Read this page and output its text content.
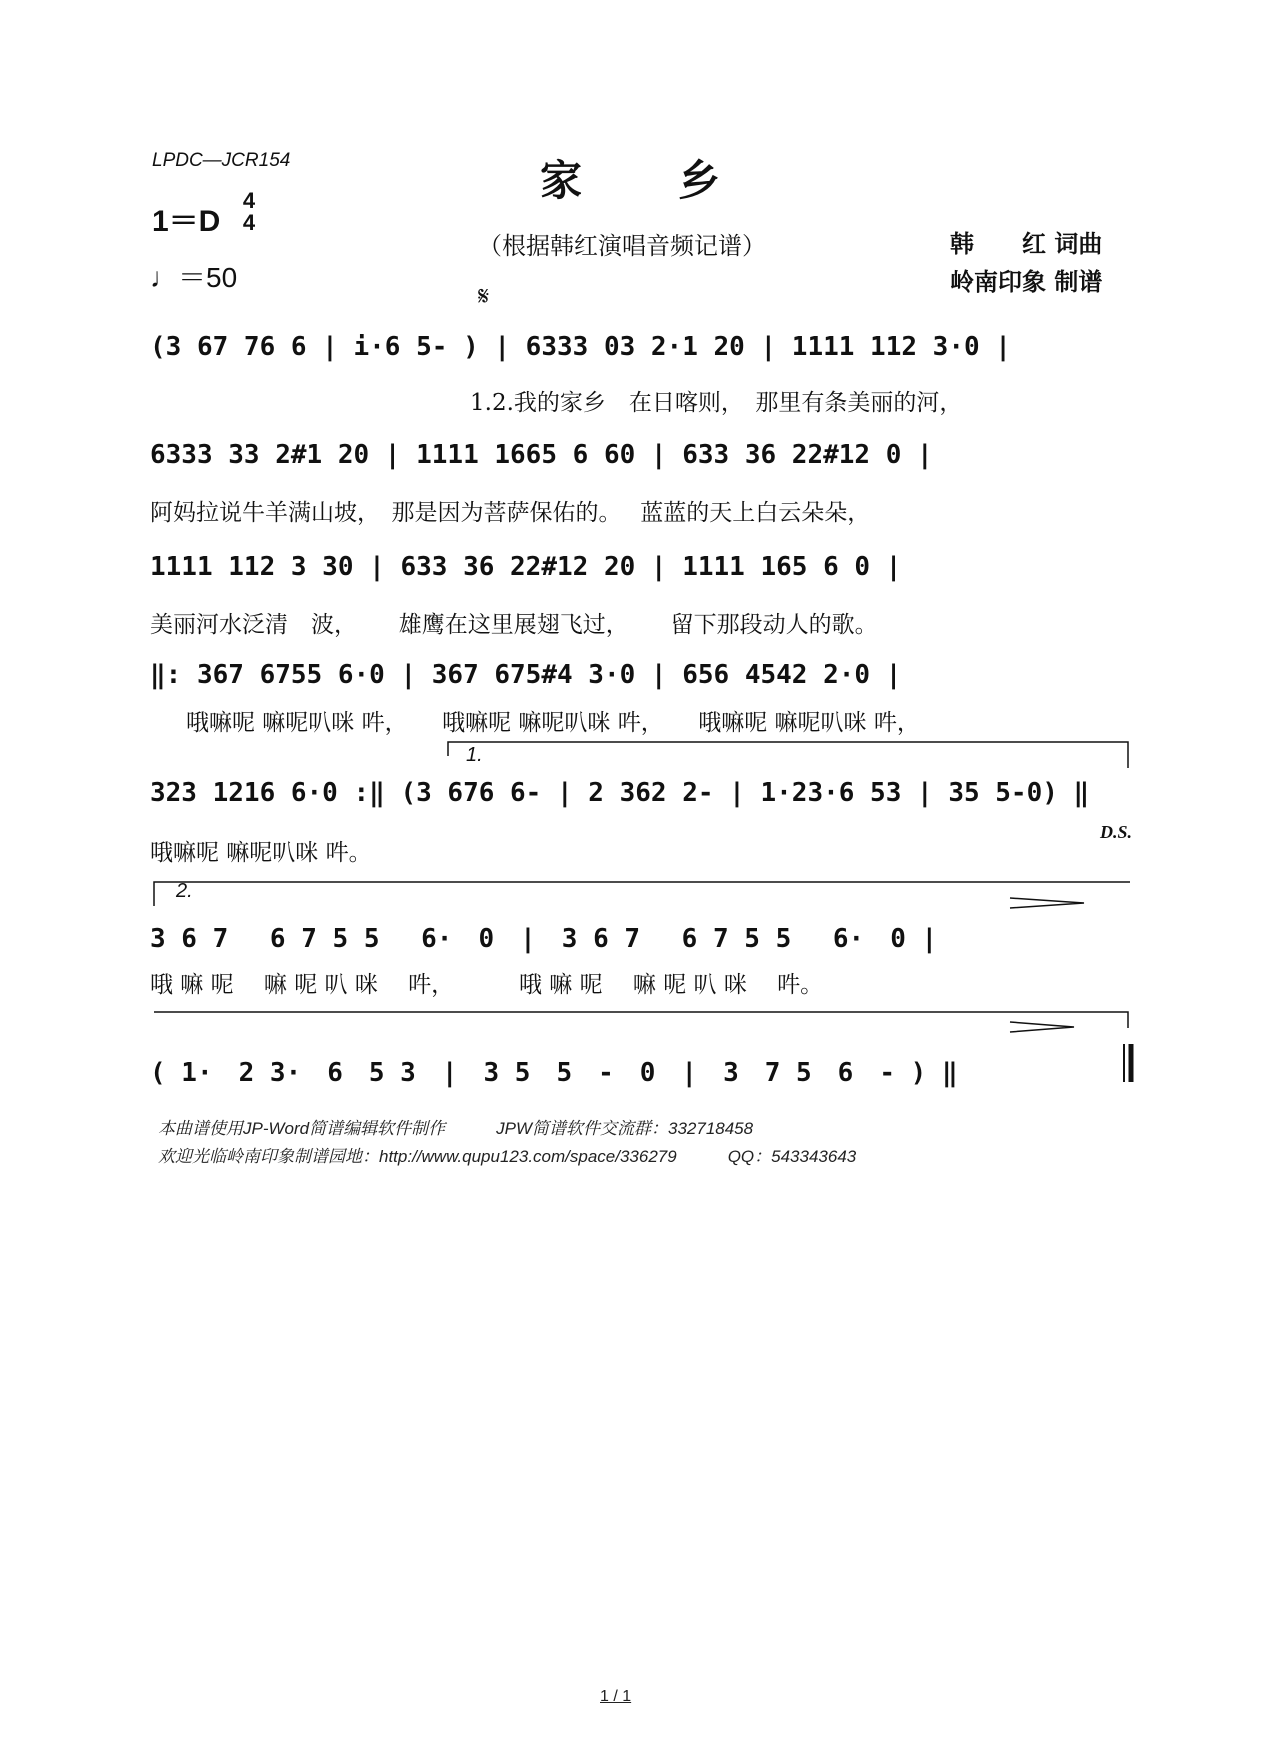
LPDC—JCR154	家　　乡
1＝D
4
4
♩＝50
（根据韩红演唱音频记谱）	韩　　红 词曲
岭南印象 制谱
𝄋
(3 67 76 6 | i·6 5- ) | 6333 03 2·1 20 | 1111 112 3·0 |
1.2.我的家乡　在日喀则，　那里有条美丽的河，
6333 33 2#1 20 | 1111 1665 6 60 | 633 36 22#12 0 |
阿妈拉说牛羊满山坡，　那是因为菩萨保佑的。　 蓝蓝的天上白云朵朵，
1111 112 3 30 | 633 36 22#12 20 | 1111 165 6 0 |
美丽河水泛清　波，　　 雄鹰在这里展翅飞过，　　 留下那段动人的歌。
‖: 367 6755 6·0 | 367 675#4 3·0 | 656 4542 2·0 |
哦嘛呢 嘛呢叭咪 吽，　　哦嘛呢 嘛呢叭咪 吽，　　哦嘛呢 嘛呢叭咪 吽，
1.
323 1216 6·0 :‖ (3 676 6- | 2 362 2- | 1·23·6 53 | 35 5-0) ‖
D.S.
哦嘛呢 嘛呢叭咪 吽。
2.
3 6 7　 6 7 5 5　 6·　0　|　3 6 7　 6 7 5 5　 6·　0 |
哦 嘛 呢　 嘛 呢 叭 咪　 吽，　　　 哦 嘛 呢　 嘛 呢 叭 咪　 吽。
( 1·　2 3·　6　5 3　|　3 5　5　-　0　|　3　7 5　6　- ) ‖
本曲谱使用JP-Word简谱编辑软件制作　　　JPW简谱软件交流群：332718458
欢迎光临岭南印象制谱园地：http://www.qupu123.com/space/336279　　　QQ：543343643
1 / 1
